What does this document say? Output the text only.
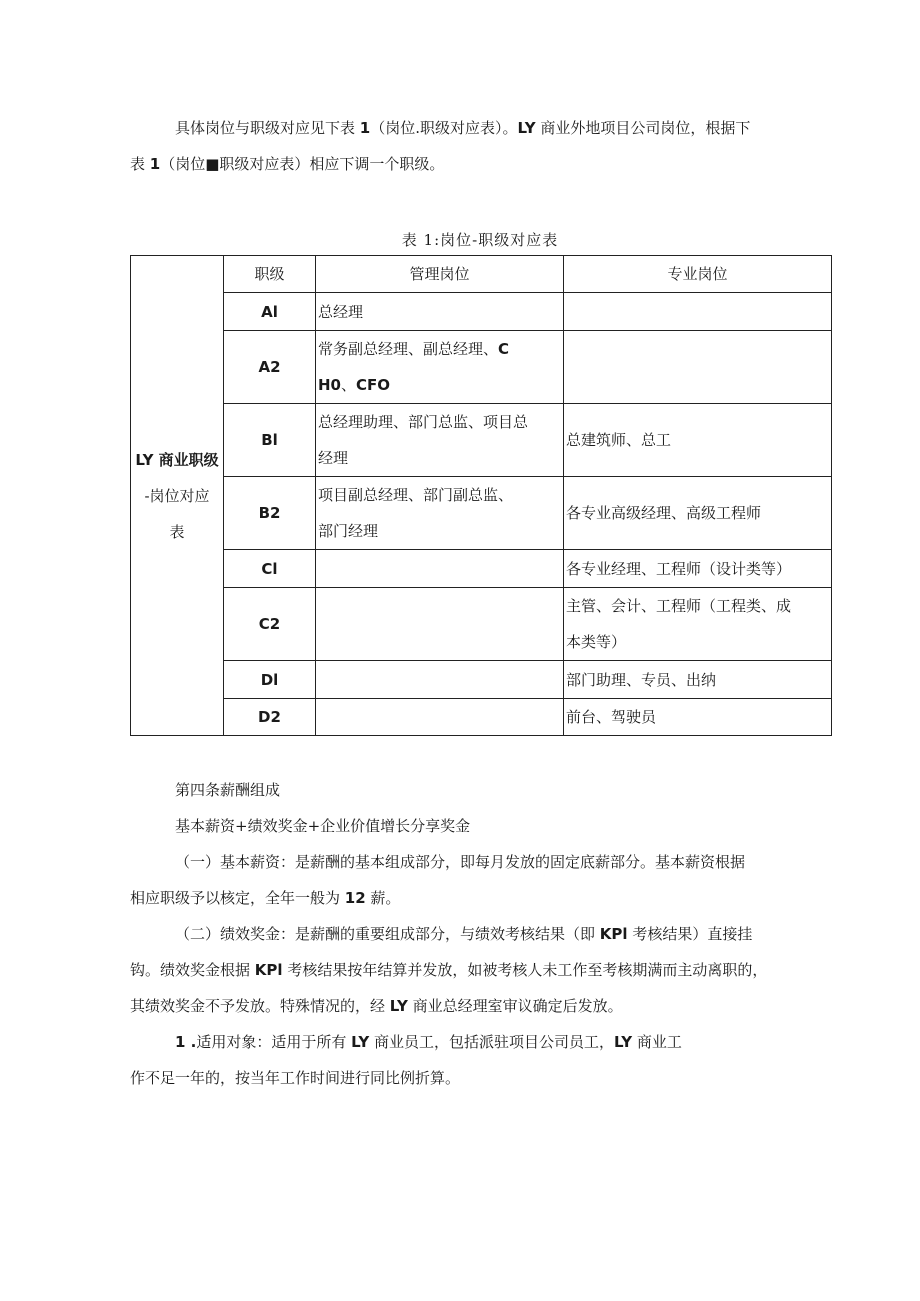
具体岗位与职级对应见下表 1（岗位.职级对应表）。LY 商业外地项目公司岗位，根据下
表 1（岗位■职级对应表）相应下调一个职级。

表 1:岗位-职级对应表
LY 商业职级
-岗位对应
表	职级	管理岗位	专业岗位
	Al	总经理	

	A2	常务副总经理、副总经理、C
H0、CFO	

	Bl	总经理助理、部门总监、项目总
经理	总建筑师、总工

	B2	项目副总经理、部门副总监、
部门经理	各专业高级经理、高级工程师

	Cl		各专业经理、工程师（设计类等）

	C2		主管、会计、工程师（工程类、成
本类等）

	Dl		部门助理、专员、出纳

	D2		前台、驾驶员
第四条薪酬组成
基本薪资+绩效奖金+企业价值增长分享奖金

（一）基本薪资：是薪酬的基本组成部分，即每月发放的固定底薪部分。基本薪资根据
相应职级予以核定，全年一般为 12 薪。

（二）绩效奖金：是薪酬的重要组成部分，与绩效考核结果（即 KPl 考核结果）直接挂
钩。绩效奖金根据 KPl 考核结果按年结算并发放，如被考核人未工作至考核期满而主动离职的，
其绩效奖金不予发放。特殊情况的，经 LY 商业总经理室审议确定后发放。

1 .适用对象：适用于所有 LY 商业员工，包括派驻项目公司员工，LY 商业工
作不足一年的，按当年工作时间进行同比例折算。
